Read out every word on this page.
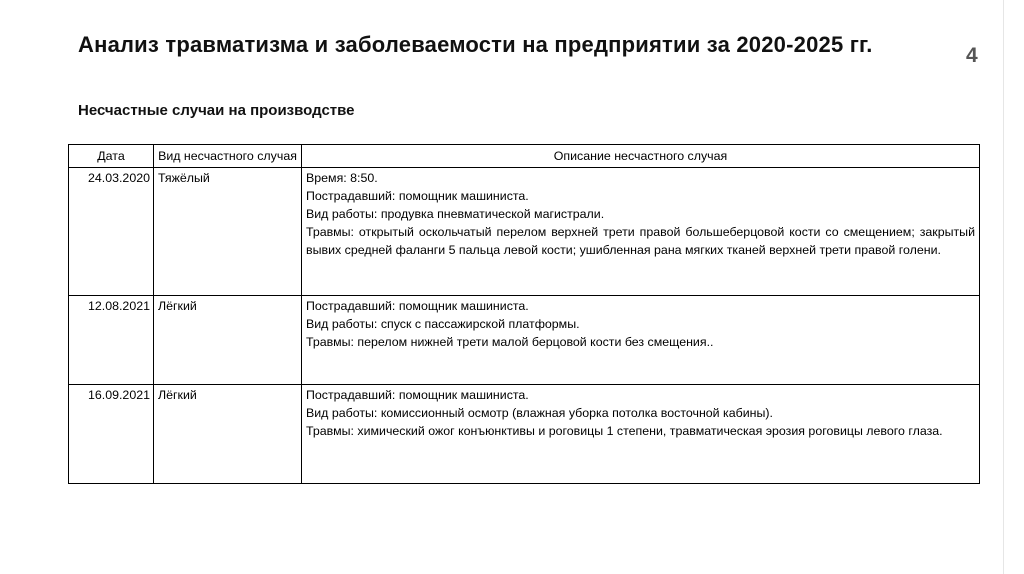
Анализ травматизма и заболеваемости на предприятии за 2020-2025 гг.	4
Несчастные случаи на производстве
Дата	Вид несчастного случая	Описание несчастного случая
24.03.2020	Тяжёлый	Время: 8:50.
Пострадавший: помощник машиниста.
Вид работы: продувка пневматической магистрали.
Травмы: открытый оскольчатый перелом верхней трети правой большеберцовой кости со смещением; закрытый вывих средней фаланги 5 пальца левой кости; ушибленная рана мягких тканей верхней трети правой голени.

12.08.2021	Лёгкий	Пострадавший: помощник машиниста.
Вид работы: спуск с пассажирской платформы.
Травмы: перелом нижней трети малой берцовой кости без смещения..

16.09.2021	Лёгкий	Пострадавший: помощник машиниста.
Вид работы: комиссионный осмотр (влажная уборка потолка восточной кабины).
Травмы: химический ожог конъюнктивы и роговицы 1 степени, травматическая эрозия роговицы левого глаза.
